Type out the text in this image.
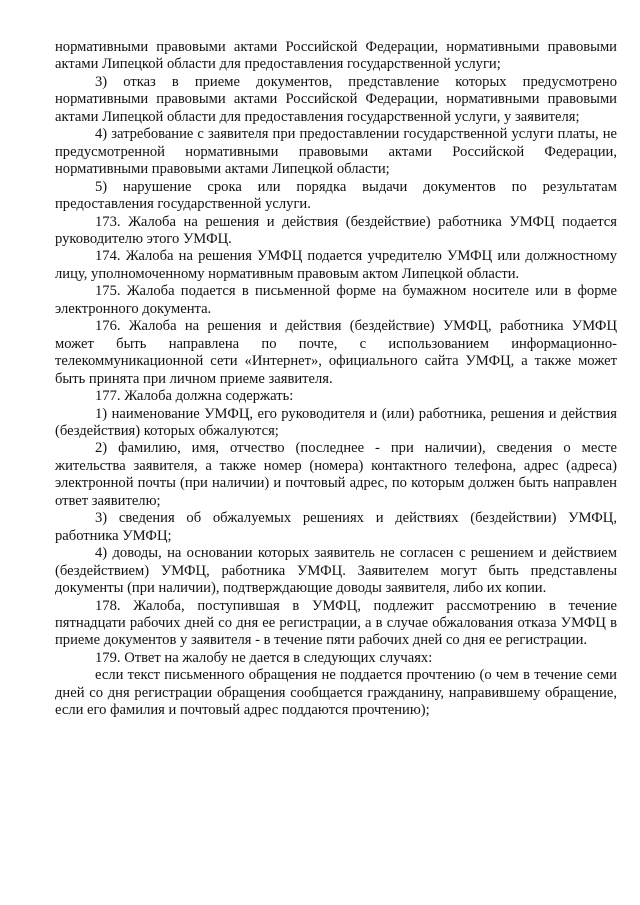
нормативными правовыми актами Российской Федерации, нормативными правовыми актами Липецкой области для предоставления государственной услуги;

3) отказ в приеме документов, представление которых предусмотрено нормативными правовыми актами Российской Федерации, нормативными правовыми актами Липецкой области для предоставления государственной услуги, у заявителя;

4) затребование с заявителя при предоставлении государственной услуги платы, не предусмотренной нормативными правовыми актами Российской Федерации, нормативными правовыми актами Липецкой области;

5) нарушение срока или порядка выдачи документов по результатам предоставления государственной услуги.

173. Жалоба на решения и действия (бездействие) работника УМФЦ подается руководителю этого УМФЦ.

174. Жалоба на решения УМФЦ подается учредителю УМФЦ или должностному лицу, уполномоченному нормативным правовым актом Липецкой области.

175. Жалоба подается в письменной форме на бумажном носителе или в форме электронного документа.

176. Жалоба на решения и действия (бездействие) УМФЦ, работника УМФЦ может быть направлена по почте, с использованием информационно-телекоммуникационной сети «Интернет», официального сайта УМФЦ, а также может быть принята при личном приеме заявителя.

177. Жалоба должна содержать:

1) наименование УМФЦ, его руководителя и (или) работника, решения и действия (бездействия) которых обжалуются;

2) фамилию, имя, отчество (последнее - при наличии), сведения о месте жительства заявителя, а также номер (номера) контактного телефона, адрес (адреса) электронной почты (при наличии) и почтовый адрес, по которым должен быть направлен ответ заявителю;

3) сведения об обжалуемых решениях и действиях (бездействии) УМФЦ, работника УМФЦ;

4) доводы, на основании которых заявитель не согласен с решением и действием (бездействием) УМФЦ, работника УМФЦ. Заявителем могут быть представлены документы (при наличии), подтверждающие доводы заявителя, либо их копии.

178. Жалоба, поступившая в УМФЦ, подлежит рассмотрению в течение пятнадцати рабочих дней со дня ее регистрации, а в случае обжалования отказа УМФЦ в приеме документов у заявителя - в течение пяти рабочих дней со дня ее регистрации.

179. Ответ на жалобу не дается в следующих случаях:

если текст письменного обращения не поддается прочтению (о чем в течение семи дней со дня регистрации обращения сообщается гражданину, направившему обращение, если его фамилия и почтовый адрес поддаются прочтению);
